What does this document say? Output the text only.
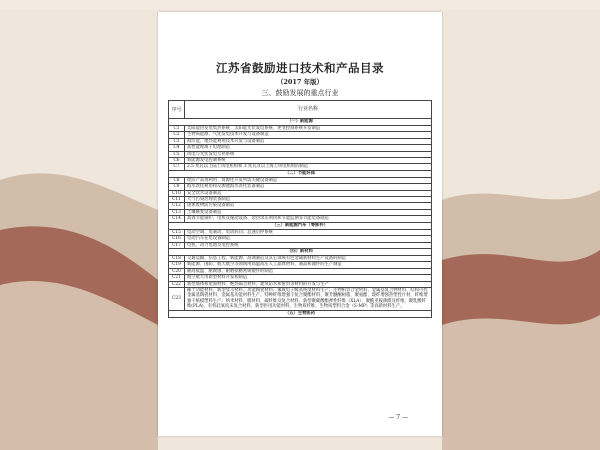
江苏省鼓励进口技术和产品目录
（2017 年版）
三、鼓励发展的重点行业
序号	行业名称
（一）新能源	
C1	太阳能热发电集热系统、太阳能光伏发电系统、逆变控制系统开发制造
C2	生物质能源、气化发电技术开发与设备制造
C3	海洋能、地热能利用技术开发与设备制造
C4	高性能锂离子电池制造
C5	风电与光伏发电互补系统
C6	新能源发电控制系统
C7	2.5 兆瓦以上陆上风电机组和 3 兆瓦及以上海上风电机组的制造
（二）节能环保	
C8	废旧产品再利用、资源化开发所需关键设备制造
C9	海水淡化利用和反渗透海水淡化装备制造
C10	安全饮水设备制造
C11	大气污染治理装备制造
C12	固体废物防污染设备制造
C13	土壤修复设备制造
C14	高效节能锅炉、电机及拖动设备、余热余压利用和节能监测等节能装备制造
（三）新能源汽车（零部件）	
C15	电动空调、电制动、电动转向；总速启停系统
C16	电动汽车充电设备制造
C17	电机、动力电池及电控系统
（四）新材料	
C18	交通运输、信息工程、新能源、高端制造及其它领域有色金属新材料生产设备的制造
C19	新能源、国防、航天航空等领域用高温高压人工晶体材料、制品和器件的生产制造
C20	耐高低温、耐腐蚀、耐磨损精密铸锻件的制造
C21	航空航天用新型材料开发和制造
C22	新型墙体和屋面材料、绝热隔音材料、建筑防水和密封等材料的开发与生产
C23	稀土功能材料、新型显示材料、功能陶瓷材料、氟或电子级高纯度材料生产；生物相容合金材料、金属基复合物材料、结构可控金属基陶瓷材料、金属基功能材料生产、特种纤维增强干复合聚酯材料、聚芳醚酮树脂、聚氨酯、玻纤增强热塑性片材、纤维增强干纸模塑料生产；纳米材料、膜材料、碳纤维及复合材料、新型聚碳酸酯弹性纤维（XLA）、聚酰亚胺薄膜及纤维、聚乳酸纤维(PLA)、有机硅氧烷末复合材料、新型医用功能材料、生物质纤维、生物质塑料合金（S-MP）等高新材料生产。
（五）生物医药	
— 7 —
